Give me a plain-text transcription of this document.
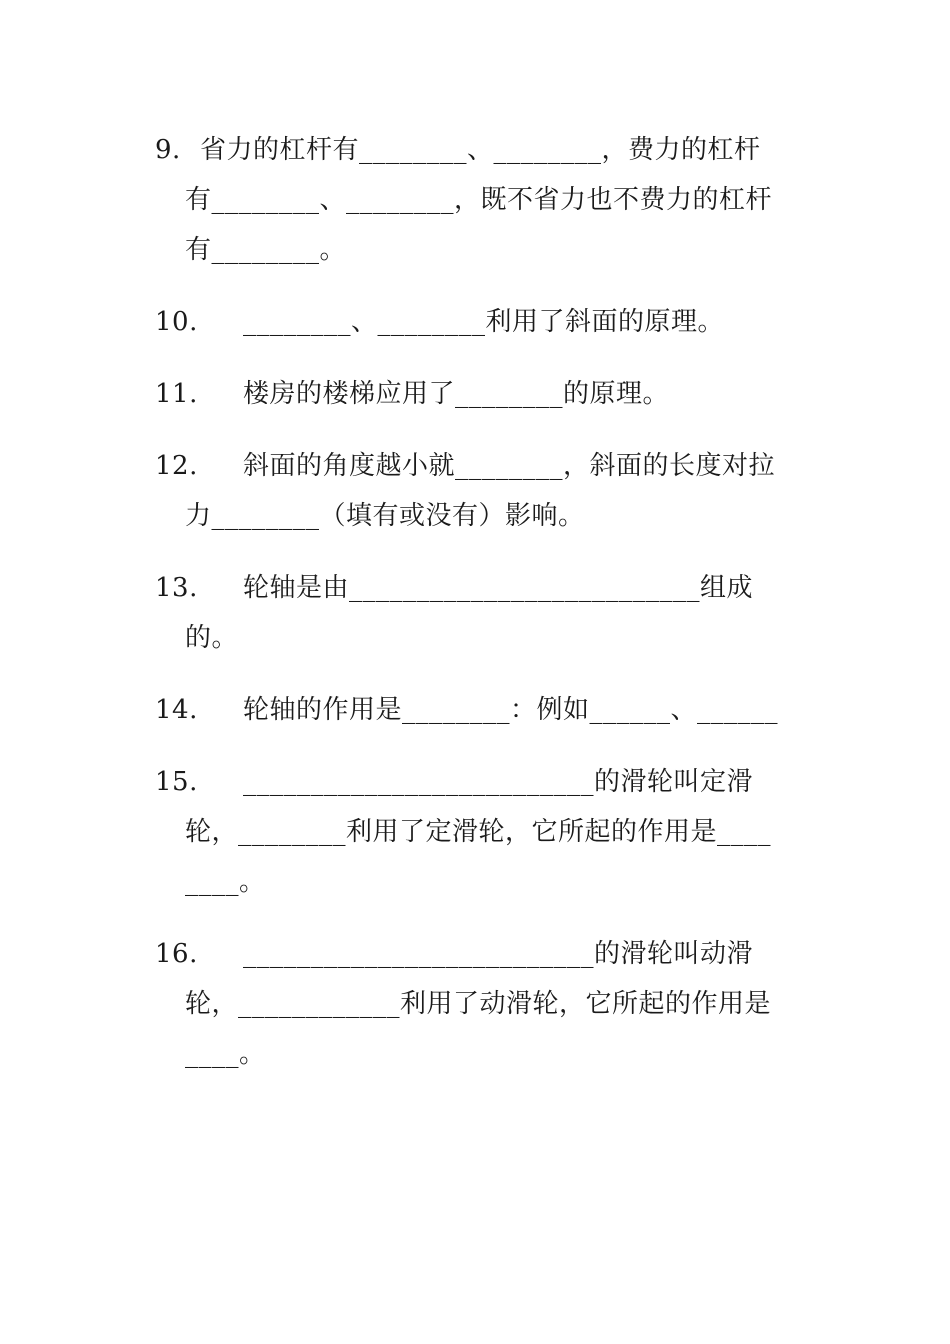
9. 省力的杠杆有________、________，费力的杠杆
有________、________，既不省力也不费力的杠杆
有________。
10. ________、________利用了斜面的原理。
11. 楼房的楼梯应用了________的原理。
12. 斜面的角度越小就________，斜面的长度对拉
力________（填有或没有）影响。
13. 轮轴是由__________________________组成
的。
14. 轮轴的作用是________：例如______、______
15. __________________________的滑轮叫定滑
轮，________利用了定滑轮，它所起的作用是____
____。
16. __________________________的滑轮叫动滑
轮，____________利用了动滑轮，它所起的作用是
____。
